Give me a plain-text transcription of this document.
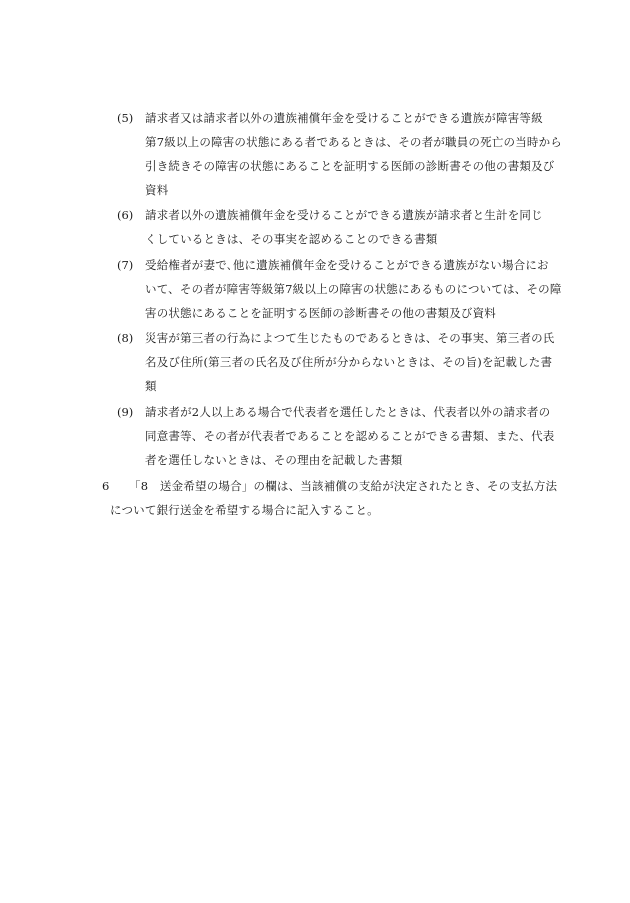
(5) 請求者又は請求者以外の遺族補償年金を受けることができる遺族が障害等級
第7級以上の障害の状態にある者であるときは、その者が職員の死亡の当時から
引き続きその障害の状態にあることを証明する医師の診断書その他の書類及び
資料
(6) 請求者以外の遺族補償年金を受けることができる遺族が請求者と生計を同じ
くしているときは、その事実を認めることのできる書類
(7) 受給権者が妻で､他に遺族補償年金を受けることができる遺族がない場合にお
いて、その者が障害等級第7級以上の障害の状態にあるものについては、その障
害の状態にあることを証明する医師の診断書その他の書類及び資料
(8) 災害が第三者の行為によつて生じたものであるときは、その事実、第三者の氏
名及び住所(第三者の氏名及び住所が分からないときは、その旨)を記載した書
類
(9) 請求者が2人以上ある場合で代表者を選任したときは、代表者以外の請求者の
同意書等、その者が代表者であることを認めることができる書類、また、代表
者を選任しないときは、その理由を記載した書類
6	「8　送金希望の場合」の欄は、当該補償の支給が決定されたとき、その支払方法
について銀行送金を希望する場合に記入すること。
